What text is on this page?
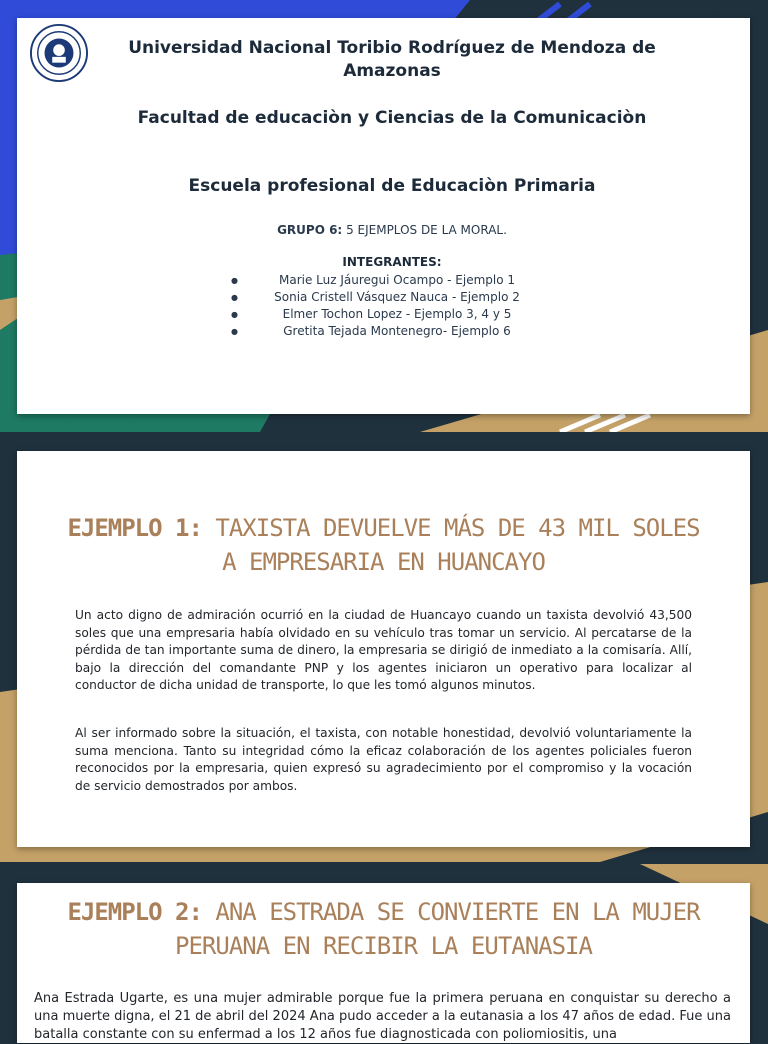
Universidad Nacional Toribio Rodríguez de Mendoza de Amazonas
Facultad de educaciòn y Ciencias de la Comunicaciòn
Escuela profesional de Educaciòn Primaria
GRUPO 6: 5 EJEMPLOS DE LA MORAL.
INTEGRANTES:
● Marie Luz Jáuregui Ocampo - Ejemplo 1
● Sonia Cristell Vásquez Nauca - Ejemplo 2
● Elmer Tochon Lopez - Ejemplo 3, 4 y 5
● Gretita Tejada Montenegro- Ejemplo 6
EJEMPLO 1: TAXISTA DEVUELVE MÁS DE 43 MIL SOLES A EMPRESARIA EN HUANCAYO

Un acto digno de admiración ocurrió en la ciudad de Huancayo cuando un taxista devolvió 43,500 soles que una empresaria había olvidado en su vehículo tras tomar un servicio. Al percatarse de la pérdida de tan importante suma de dinero, la empresaria se dirigió de inmediato a la comisaría. Allí, bajo la dirección del comandante PNP y los agentes iniciaron un operativo para localizar al conductor de dicha unidad de transporte, lo que les tomó algunos minutos.

Al ser informado sobre la situación, el taxista, con notable honestidad, devolvió voluntariamente la suma menciona. Tanto su integridad cómo la eficaz colaboración de los agentes policiales fueron reconocidos por la empresaria, quien expresó su agradecimiento por el compromiso y la vocación de servicio demostrados por ambos.

EJEMPLO 2: ANA ESTRADA SE CONVIERTE EN LA MUJER PERUANA EN RECIBIR LA EUTANASIA

Ana Estrada Ugarte, es una mujer admirable porque fue la primera peruana en conquistar su derecho a una muerte digna, el 21 de abril del 2024 Ana pudo acceder a la eutanasia a los 47 años de edad. Fue una batalla constante con su enfermad a los 12 años fue diagnosticada con poliomiositis, una
